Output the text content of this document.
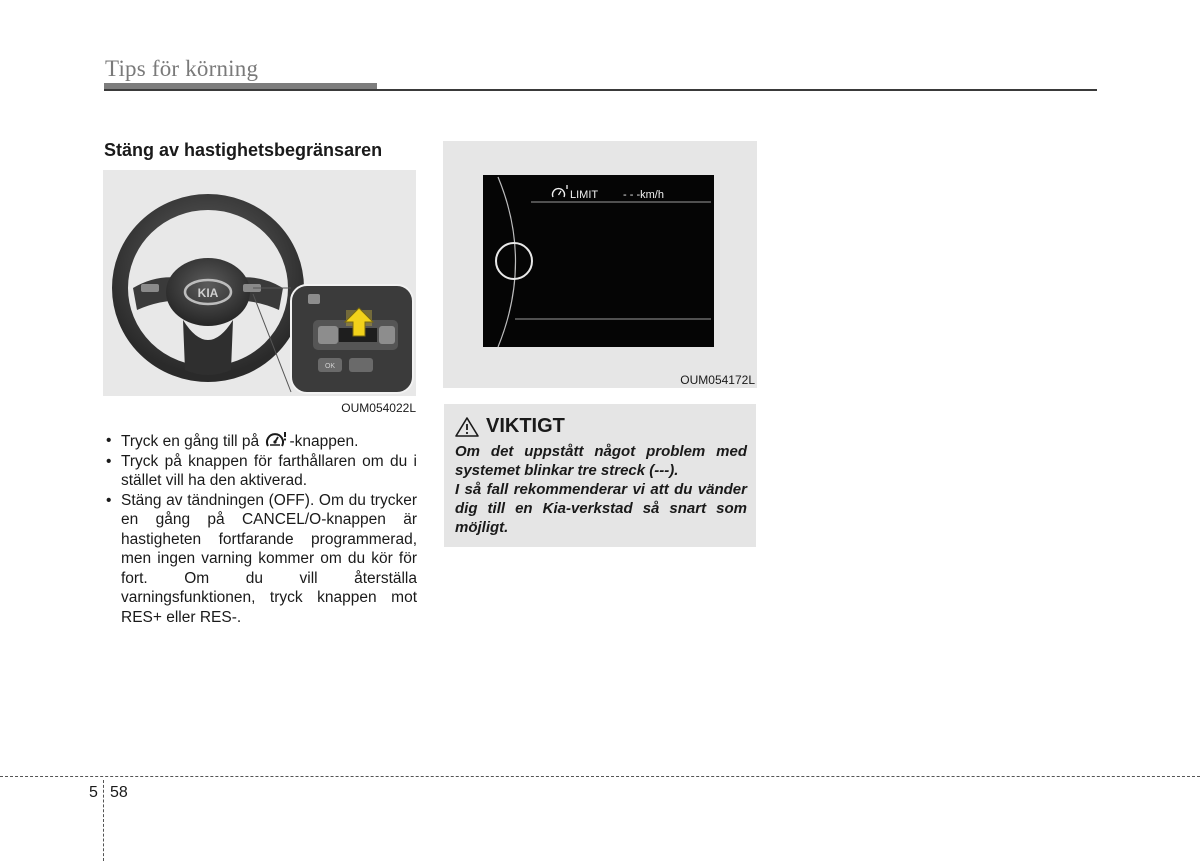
Tips för körning
Stäng av hastighetsbegränsaren
KIA
OK
OUM054022L
• Tryck en gång till på -knappen.
• Tryck på knappen för farthållaren om du i stället vill ha den aktiverad.
• Stäng av tändningen (OFF). Om du trycker en gång på CANCEL/O-knappen är hastigheten fortfarande programmerad, men ingen varning kommer om du kör för fort. Om du vill återställa varningsfunktionen, tryck knappen mot RES+ eller RES-.
LIMIT - - -km/h
OUM054172L
VIKTIGT

Om det uppstått något problem med systemet blinkar tre streck (---).

I så fall rekommenderar vi att du vänder dig till en Kia-verkstad så snart som möjligt.

5 58
